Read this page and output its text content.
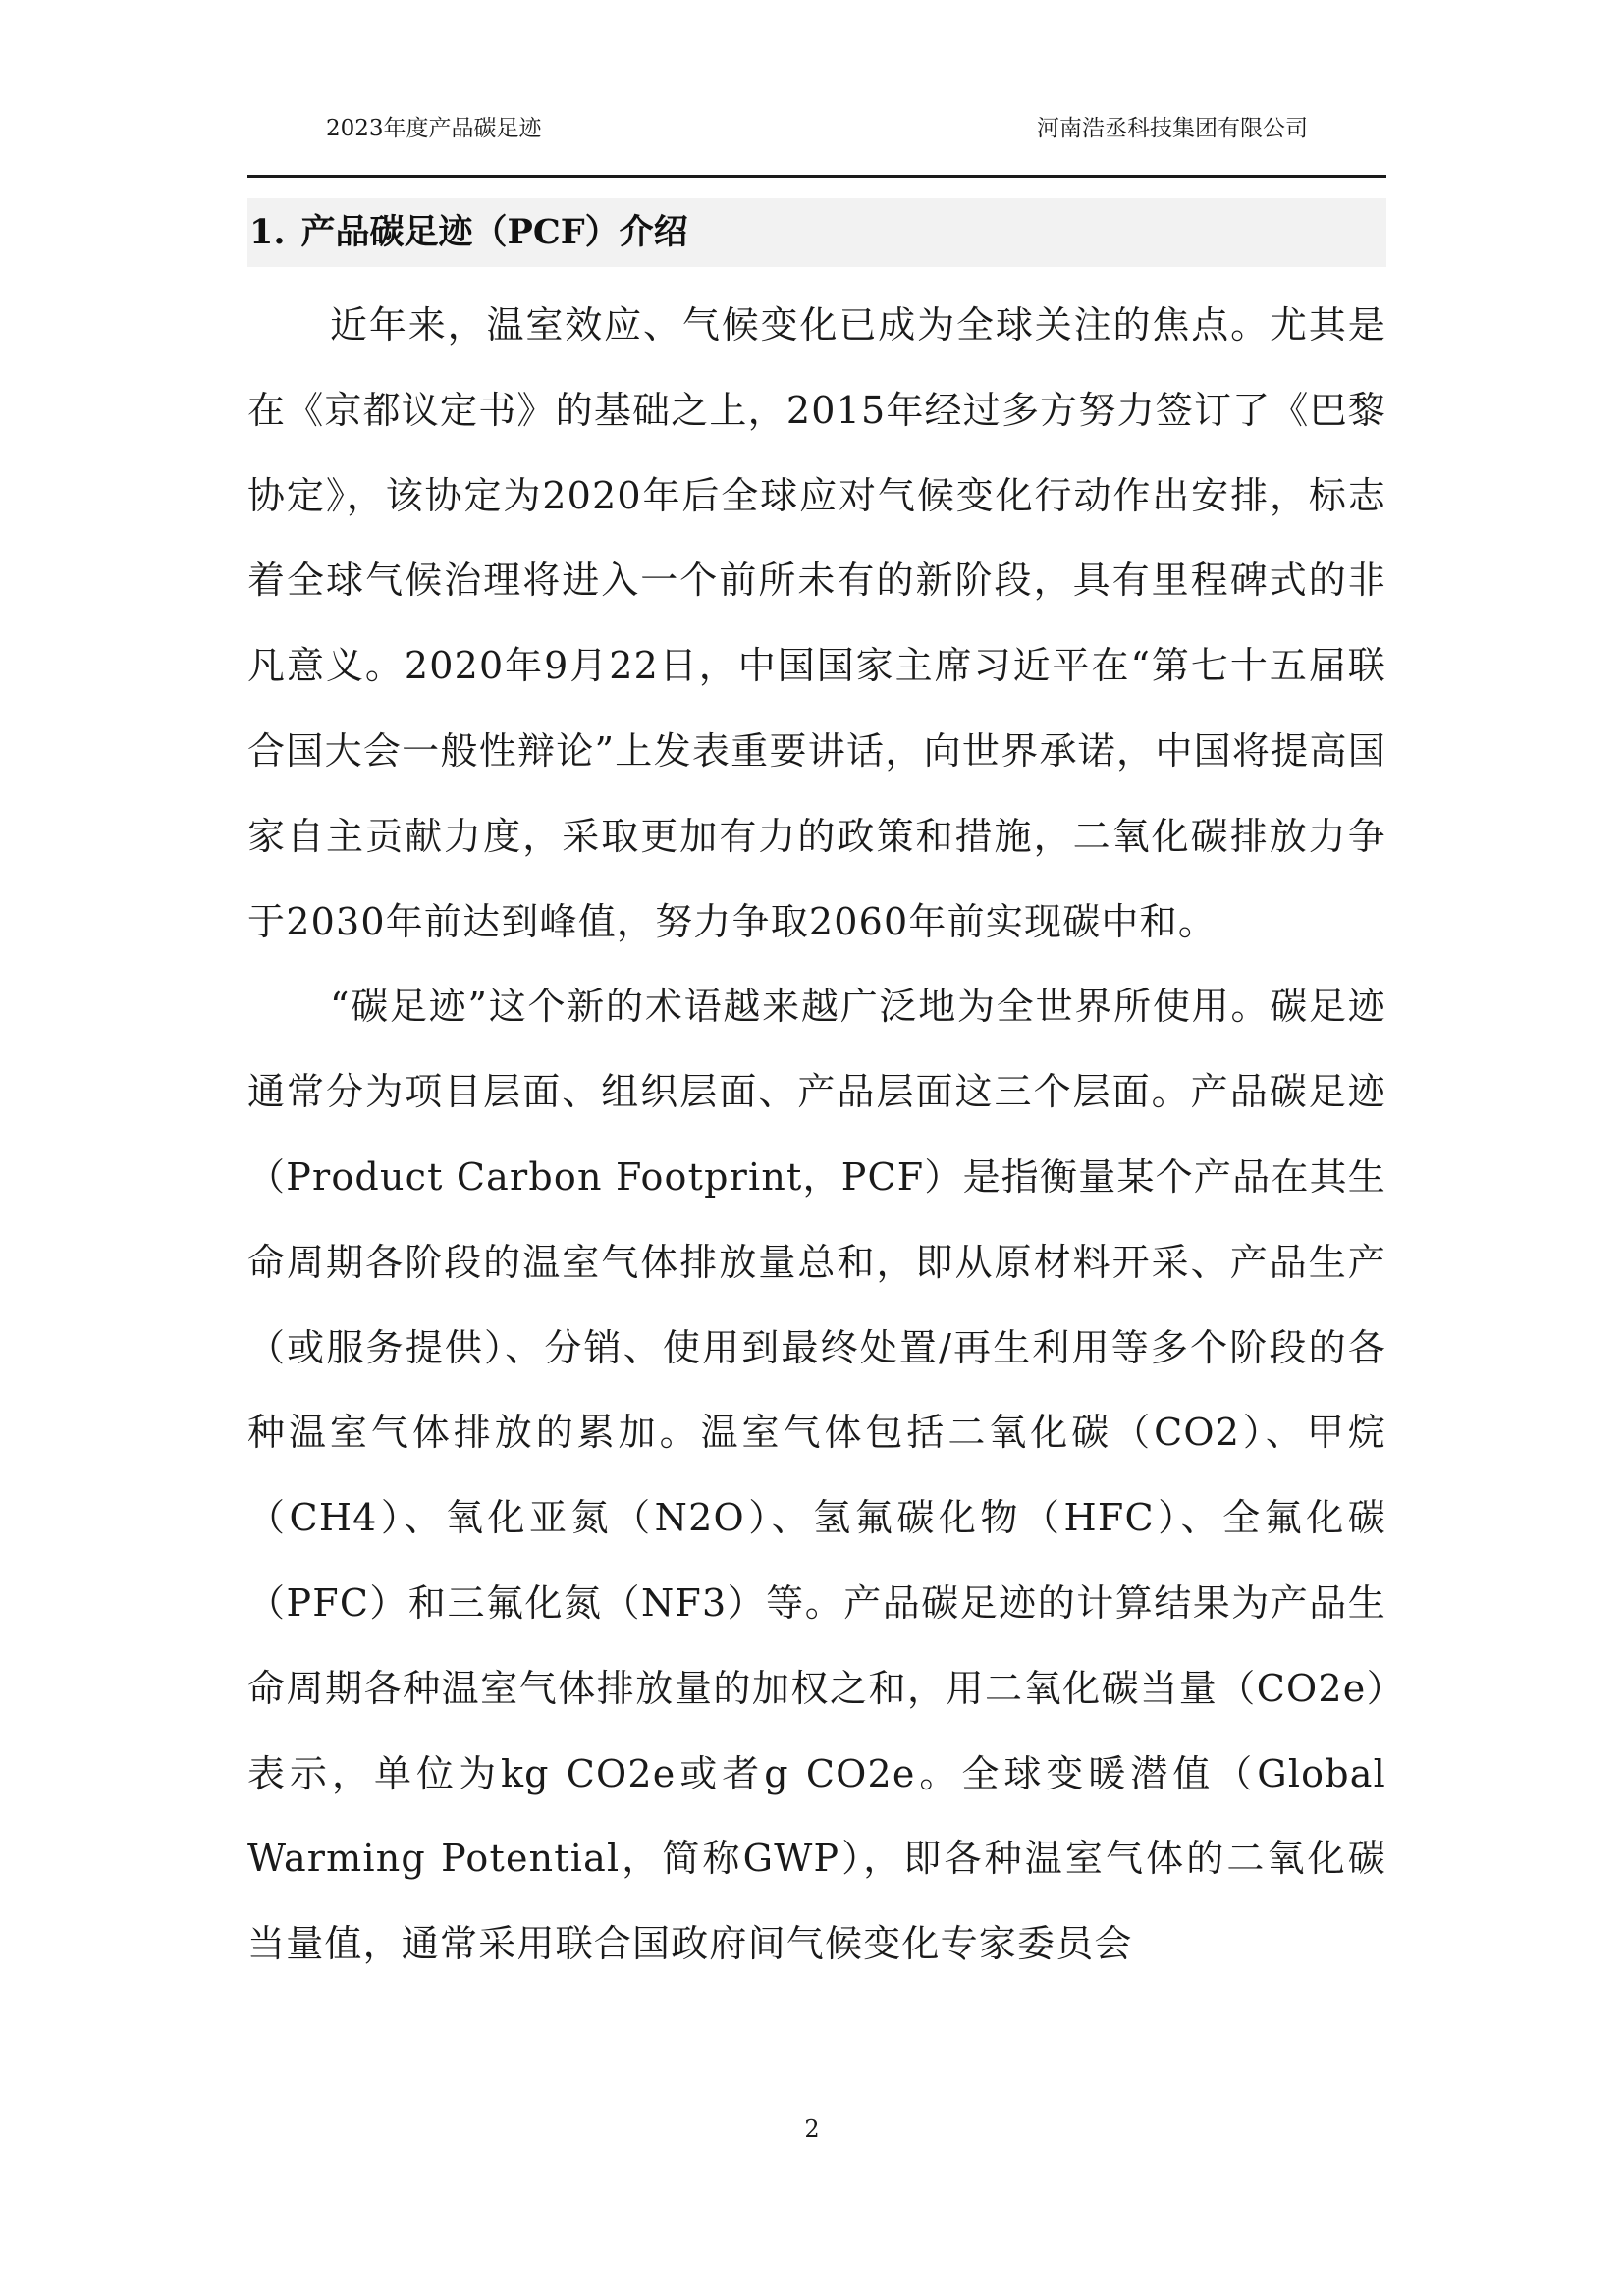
2023年度产品碳足迹	河南浩丞科技集团有限公司
1. 产品碳足迹（PCF）介绍

近年来，温室效应、气候变化已成为全球关注的焦点。尤其是在《京都议定书》的基础之上，2015年经过多方努力签订了《巴黎协定》，该协定为2020年后全球应对气候变化行动作出安排，标志着全球气候治理将进入一个前所未有的新阶段，具有里程碑式的非凡意义。2020年9月22日，中国国家主席习近平在“第七十五届联合国大会一般性辩论”上发表重要讲话，向世界承诺，中国将提高国家自主贡献力度，采取更加有力的政策和措施，二氧化碳排放力争于2030年前达到峰值，努力争取2060年前实现碳中和。

“碳足迹”这个新的术语越来越广泛地为全世界所使用。碳足迹通常分为项目层面、组织层面、产品层面这三个层面。产品碳足迹（Product Carbon Footprint，PCF）是指衡量某个产品在其生命周期各阶段的温室气体排放量总和，即从原材料开采、产品生产（或服务提供）、分销、使用到最终处置/再生利用等多个阶段的各种温室气体排放的累加。温室气体包括二氧化碳（CO2）、甲烷（CH4）、氧化亚氮（N2O）、氢氟碳化物（HFC）、全氟化碳（PFC）和三氟化氮（NF3）等。产品碳足迹的计算结果为产品生命周期各种温室气体排放量的加权之和，用二氧化碳当量（CO2e）表示，单位为kg CO2e或者g CO2e。全球变暖潜值（Global Warming Potential，简称GWP），即各种温室气体的二氧化碳当量值，通常采用联合国政府间气候变化专家委员会

2
